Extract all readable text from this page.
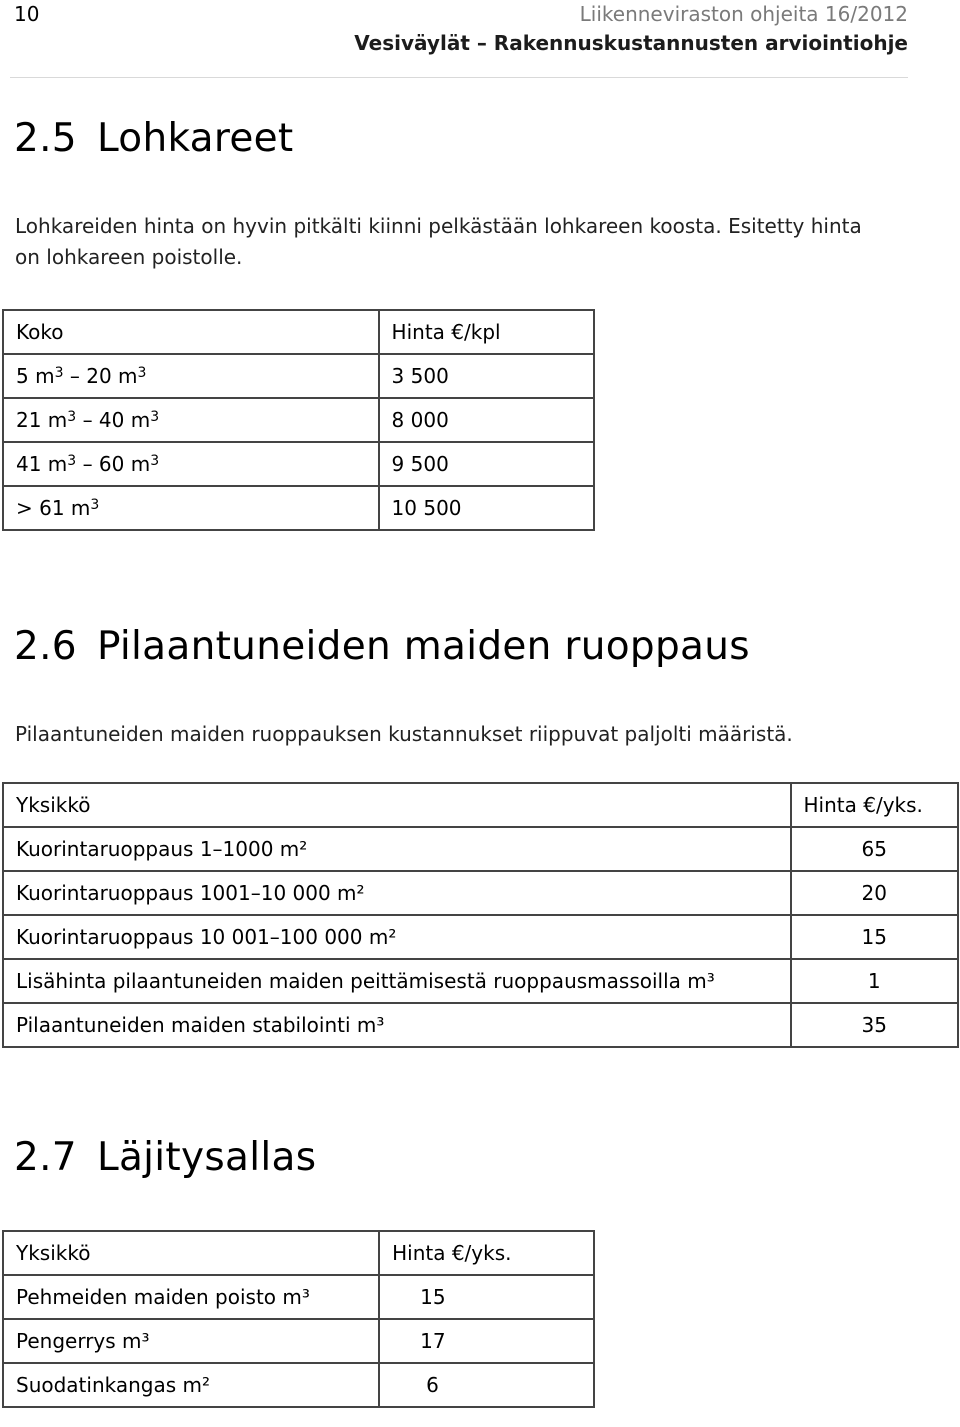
10	Liikenneviraston ohjeita 16/2012
Vesiväylät – Rakennuskustannusten arviointiohje
2.5 Lohkareet

Lohkareiden hinta on hyvin pitkälti kiinni pelkästään lohkareen koosta. Esitetty hinta
on lohkareen poistolle.

Koko	Hinta €/kpl
5 $m^3 - 20$ $m^3$	3 500
21 $m^3 - 40$ $m^3$	8 000
41 $m^3 - 60$ $m^3$	9 500
> 61 $m^3$	10 500
2.6 Pilaantuneiden maiden ruoppaus

Pilaantuneiden maiden ruoppauksen kustannukset riippuvat paljolti määristä.

Yksikkö	Hinta €/yks.
Kuorintaruoppaus 1–1000 m²	65
Kuorintaruoppaus 1001–10 000 m²	20
Kuorintaruoppaus 10 001–100 000 m²	15
Lisähinta pilaantuneiden maiden peittämisestä ruoppausmassoilla m³	1
Pilaantuneiden maiden stabilointi m³	35
2.7 Läjitysallas
Yksikkö	Hinta €/yks.
Pehmeiden maiden poisto m³	15
Pengerrys m³	17
Suodatinkangas m²	6
